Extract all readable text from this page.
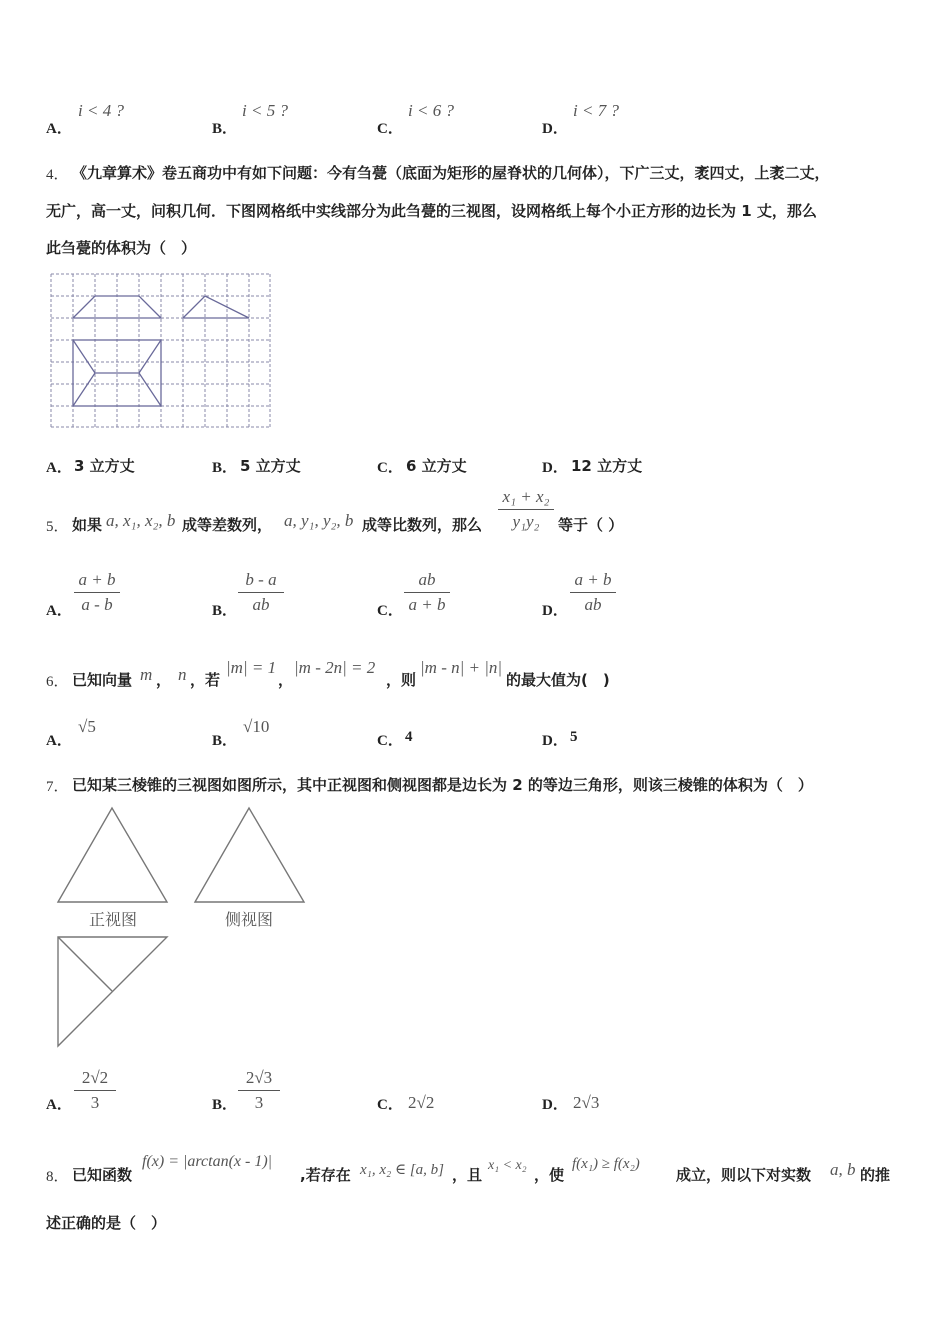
A．
i < 4 ?
B．
i < 5 ?
C．
i < 6 ?
D．
i < 7 ?
4． 《九章算术》卷五商功中有如下问题：今有刍甍（底面为矩形的屋脊状的几何体），下广三丈，袤四丈，上袤二丈，
无广，高一丈，问积几何．下图网格纸中实线部分为此刍甍的三视图，设网格纸上每个小正方形的边长为 1 丈，那么
此刍甍的体积为（　）
A． 3 立方丈	B． 5 立方丈	C． 6 立方丈	D． 12 立方丈
5． 如果 a, x₁, x₂, b 成等差数列， a, y₁, y₂, b 成等比数列，那么
x₁ + x₂
y₁y₂	等于（ ）
A．
a + b
a - b	B．
b - a
ab	C．
ab
a + b	D．
a + b
ab
6． 已知向量 m ， n ，若
|m| = 1
，
|m - 2n| = 2
，则
|m - n| + |n|
的最大值为(　)
A．
√5
B．
√10
C． 4	D． 5
7． 已知某三棱锥的三视图如图所示，其中正视图和侧视图都是边长为 2 的等边三角形，则该三棱锥的体积为（　）
正视图	侧视图
A．
2√2
3	B．
2√3
3	C． 2√2	D． 2√3
8． 已知函数
f(x) = |arctan(x - 1)|
,若存在 x₁, x₂ ∈ [a, b] ，且
x₁ < x₂
，使
f(x₁) ≥ f(x₂)
成立，则以下对实数 a, b 的推
述正确的是（　）
